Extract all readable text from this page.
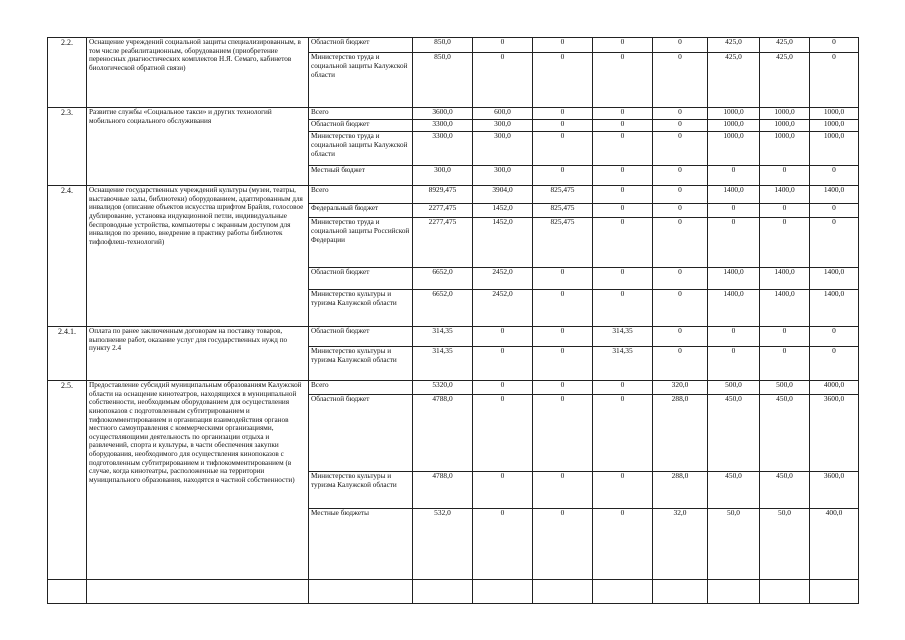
2.2.	Оснащение учреждений социальной защиты специализированным, в том числе реабилитационным, оборудованием (приобретение переносных диагностических комплектов Н.Я. Семаго, кабинетов биологической обратной связи)	Областной бюджет	850,0	0	0	0	0	425,0	425,0	0
		Министерство труда и социальной защиты Калужской области	850,0	0	0	0	0	425,0	425,0	0
2.3.	Развитие службы «Социальное такси» и других технологий мобильного социального обслуживания	Всего	3600,0	600,0	0	0	0	1000,0	1000,0	1000,0
		Областной бюджет	3300,0	300,0	0	0	0	1000,0	1000,0	1000,0
		Министерство труда и социальной защиты Калужской области	3300,0	300,0	0	0	0	1000,0	1000,0	1000,0
		Местный бюджет	300,0	300,0	0	0	0	0	0	0
2.4.	Оснащение государственных учреждений культуры (музеи, театры, выставочные залы, библиотеки) оборудованием, адаптированным для инвалидов (описание объектов искусства шрифтом Брайля, голосовое дублирование, установка индукционной петли, индивидуальные беспроводные устройства, компьютеры с экранным доступом для инвалидов по зрению, внедрение в практику работы библиотек тифлофлеш-технологий)	Всего	8929,475	3904,0	825,475	0	0	1400,0	1400,0	1400,0
		Федеральный бюджет	2277,475	1452,0	825,475	0	0	0	0	0
		Министерство труда и социальной защиты Российской Федерации	2277,475	1452,0	825,475	0	0	0	0	0
		Областной бюджет	6652,0	2452,0	0	0	0	1400,0	1400,0	1400,0
		Министерство культуры и туризма Калужской области	6652,0	2452,0	0	0	0	1400,0	1400,0	1400,0
2.4.1.	Оплата по ранее заключенным договорам на поставку товаров, выполнение работ, оказание услуг для государственных нужд по пункту 2.4	Областной бюджет	314,35	0	0	314,35	0	0	0	0
		Министерство культуры и туризма Калужской области	314,35	0	0	314,35	0	0	0	0
2.5.	Предоставление субсидий муниципальным образованиям Калужской области на оснащение кинотеатров, находящихся в муниципальной собственности, необходимым оборудованием для осуществления кинопоказов с подготовленным субтитрированием и тифлокомментированием и организация взаимодействия органов местного самоуправления с коммерческими организациями, осуществляющими деятельность по организации отдыха и развлечений, спорта и культуры, в части обеспечения закупки оборудования, необходимого для осуществления кинопоказов с подготовленным субтитрированием и тифлокомментированием (в случае, когда кинотеатры, расположенные на территории муниципального образования, находятся в частной собственности)	Всего	5320,0	0	0	0	320,0	500,0	500,0	4000,0
		Областной бюджет	4788,0	0	0	0	288,0	450,0	450,0	3600,0
		Министерство культуры и туризма Калужской области	4788,0	0	0	0	288,0	450,0	450,0	3600,0
		Местные бюджеты	532,0	0	0	0	32,0	50,0	50,0	400,0
